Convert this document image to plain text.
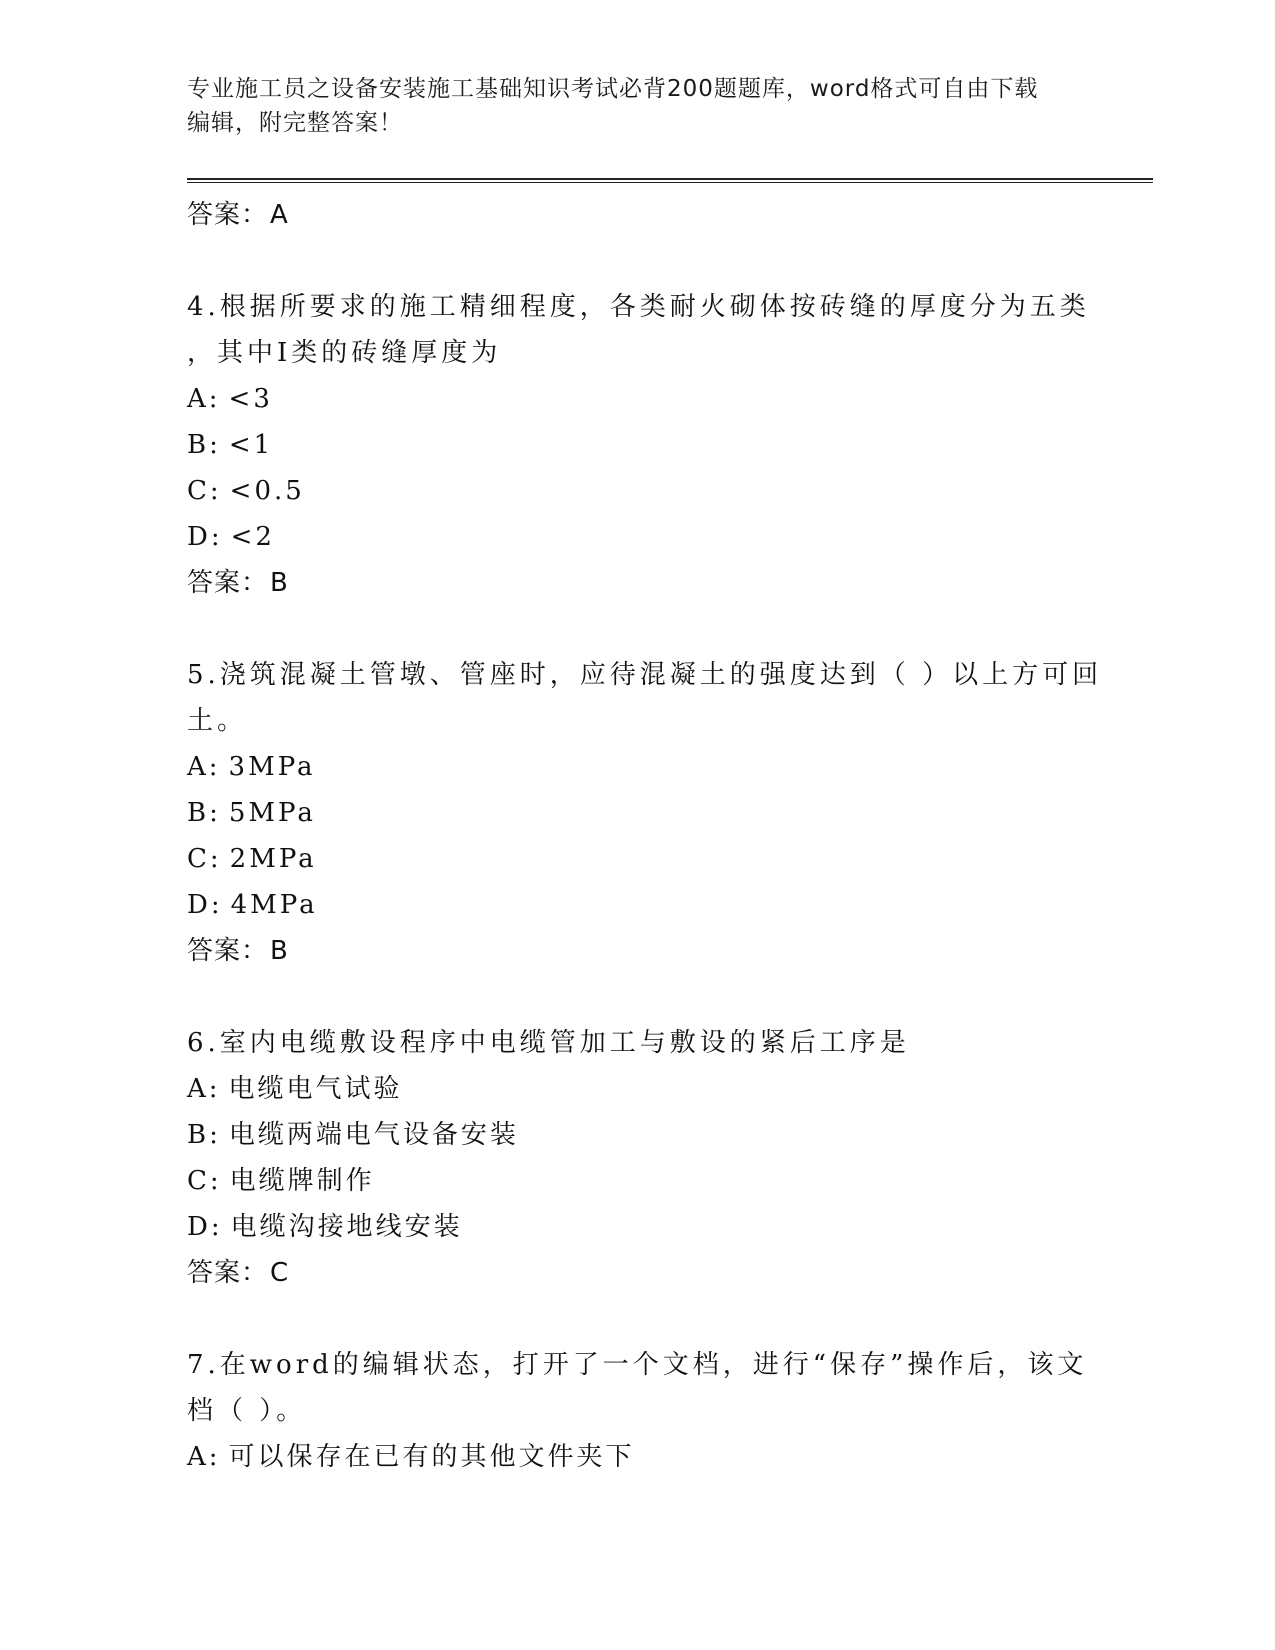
专业施工员之设备安装施工基础知识考试必背200题题库，word格式可自由下载
编辑，附完整答案！
答案：A
4.根据所要求的施工精细程度，各类耐火砌体按砖缝的厚度分为五类
，其中Ⅰ类的砖缝厚度为
A: <3
B: <1
C: <0.5
D: <2
答案：B
5.浇筑混凝土管墩、管座时，应待混凝土的强度达到（ ）以上方可回
土。
A: 3MPa
B: 5MPa
C: 2MPa
D: 4MPa
答案：B
6.室内电缆敷设程序中电缆管加工与敷设的紧后工序是
A: 电缆电气试验
B: 电缆两端电气设备安装
C: 电缆牌制作
D: 电缆沟接地线安装
答案：C
7.在word的编辑状态，打开了一个文档，进行“保存”操作后，该文
档（ ）。
A: 可以保存在已有的其他文件夹下
